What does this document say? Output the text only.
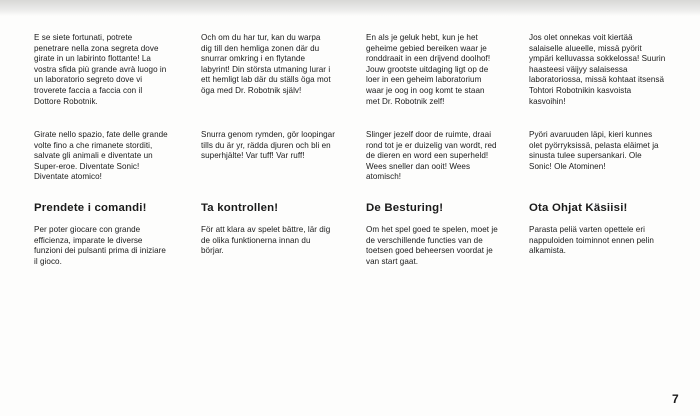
E se siete fortunati, potrete
penetrare nella zona segreta dove
girate in un labirinto flottante! La
vostra sfida più grande avrà luogo in
un laboratorio segreto dove vi
troverete faccia a faccia con il
Dottore Robotnik.
Girate nello spazio, fate delle grande
volte fino a che rimanete storditi,
salvate gli animali e diventate un
Super-eroe. Diventate Sonic!
Diventate atomico!
Prendete i comandi!
Per poter giocare con grande
efficienza, imparate le diverse
funzioni dei pulsanti prima di iniziare
il gioco.
Och om du har tur, kan du warpa
dig till den hemliga zonen där du
snurrar omkring i en flytande
labyrint! Din största utmaning lurar i
ett hemligt lab där du ställs öga mot
öga med Dr. Robotnik själv!
Snurra genom rymden, gör loopingar
tills du är yr, rädda djuren och bli en
superhjälte! Var tuff! Var ruff!
Ta kontrollen!
För att klara av spelet bättre, lär dig
de olika funktionerna innan du
börjar.
En als je geluk hebt, kun je het
geheime gebied bereiken waar je
ronddraait in een drijvend doolhof!
Jouw grootste uitdaging ligt op de
loer in een geheim laboratorium
waar je oog in oog komt te staan
met Dr. Robotnik zelf!
Slinger jezelf door de ruimte, draai
rond tot je er duizelig van wordt, red
de dieren en word een superheld!
Wees sneller dan ooit! Wees
atomisch!
De Besturing!
Om het spel goed te spelen, moet je
de verschillende functies van de
toetsen goed beheersen voordat je
van start gaat.
Jos olet onnekas voit kiertää
salaiselle alueelle, missä pyörit
ympäri kelluvassa sokkelossa! Suurin
haasteesi väijyy salaisessa
laboratoriossa, missä kohtaat itsensä
Tohtori Robotnikin kasvoista
kasvoihin!
Pyöri avaruuden läpi, kieri kunnes
olet pyörryksissä, pelasta eläimet ja
sinusta tulee supersankari. Ole
Sonic! Ole Atominen!
Ota Ohjat Käsiisi!
Parasta peliä varten opettele eri
nappuloiden toiminnot ennen pelin
alkamista.
7
